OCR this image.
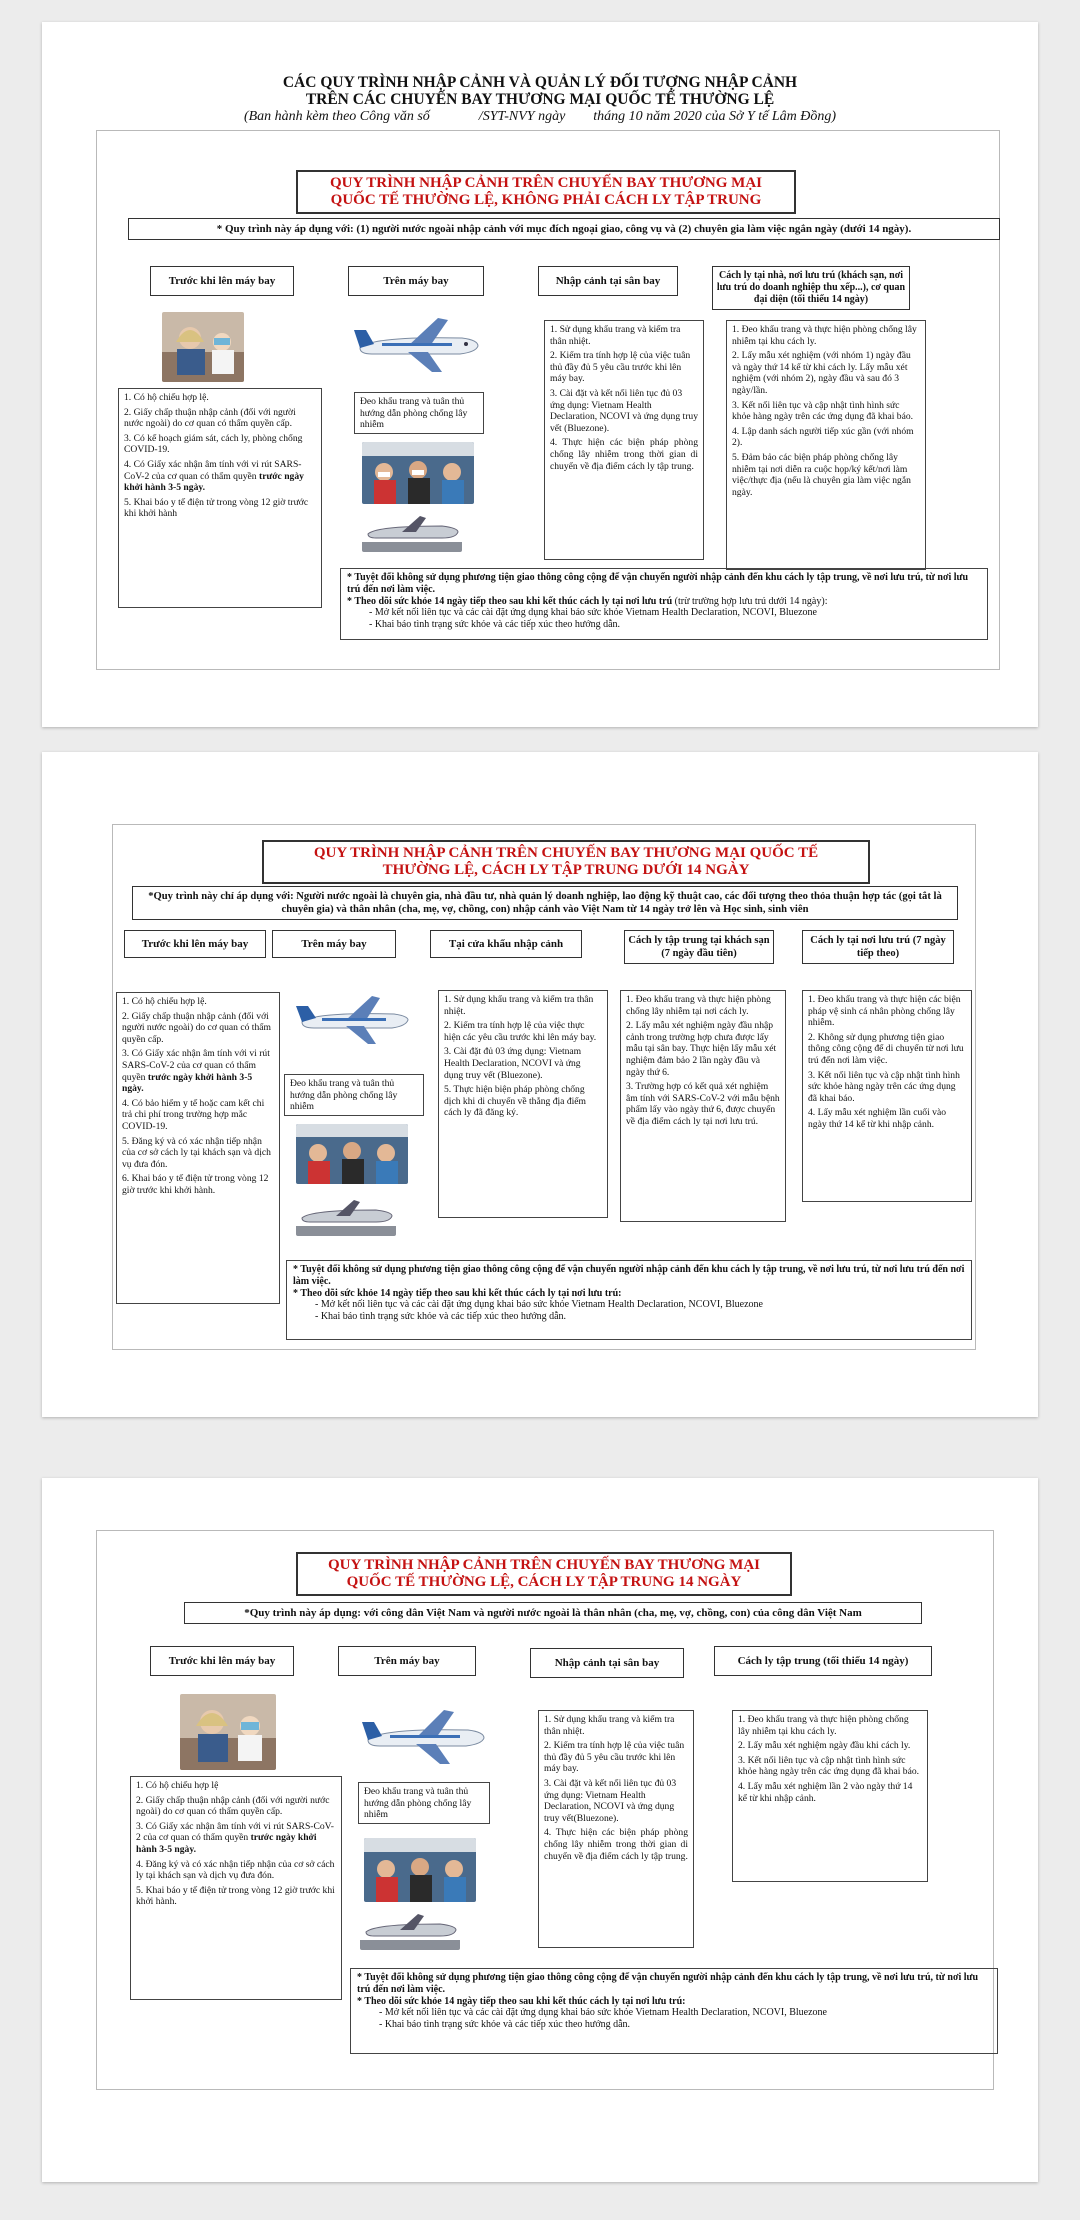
CÁC QUY TRÌNH NHẬP CẢNH VÀ QUẢN LÝ ĐỐI TƯỢNG NHẬP CẢNH
TRÊN CÁC CHUYẾN BAY THƯƠNG MẠI QUỐC TẾ THƯỜNG LỆ
(Ban hành kèm theo Công văn số              /SYT-NVY ngày        tháng 10 năm 2020 của Sở Y tế Lâm Đồng)
QUY TRÌNH NHẬP CẢNH TRÊN CHUYẾN BAY THƯƠNG MẠI
QUỐC TẾ THƯỜNG LỆ, KHÔNG PHẢI CÁCH LY TẬP TRUNG
* Quy trình này áp dụng với: (1) người nước ngoài nhập cảnh với mục đích ngoại giao, công vụ và (2) chuyên gia làm việc ngắn ngày (dưới 14 ngày).
Trước khi lên máy bay	Trên máy bay	Nhập cảnh tại sân bay	Cách ly tại nhà, nơi lưu trú (khách sạn, nơi lưu trú do doanh nghiệp thu xếp...), cơ quan đại diện (tối thiểu 14 ngày)

1. Có hộ chiếu hợp lệ.

2. Giấy chấp thuận nhập cảnh (đối với người nước ngoài) do cơ quan có thẩm quyền cấp.

3. Có kế hoạch giám sát, cách ly, phòng chống COVID-19.

4. Có Giấy xác nhận âm tính với vi rút SARS-CoV-2 của cơ quan có thẩm quyền trước ngày khởi hành 3-5 ngày.

5. Khai báo y tế điện tử trong vòng 12 giờ trước khi khởi hành

Đeo khẩu trang và tuân thủ hướng dẫn phòng chống lây nhiễm

1. Sử dụng khẩu trang và kiểm tra thân nhiệt.

2. Kiểm tra tính hợp lệ của việc tuân thủ đầy đủ 5 yêu cầu trước khi lên máy bay.

3. Cài đặt và kết nối liên tục đủ 03 ứng dụng: Vietnam Health Declaration, NCOVI và ứng dụng truy vết (Bluezone).

4. Thực hiện các biện pháp phòng chống lây nhiễm trong thời gian di chuyển về địa điểm cách ly tập trung.

1. Đeo khẩu trang và thực hiện phòng chống lây nhiễm tại khu cách ly.

2. Lấy mẫu xét nghiệm (với nhóm 1) ngày đầu và ngày thứ 14 kể từ khi cách ly. Lấy mẫu xét nghiệm (với nhóm 2), ngày đầu và sau đó 3 ngày/lần.

3. Kết nối liên tục và cập nhật tình hình sức khỏe hàng ngày trên các ứng dụng đã khai báo.

4. Lập danh sách người tiếp xúc gần (với nhóm 2).

5. Đảm bảo các biện pháp phòng chống lây nhiễm tại nơi diễn ra cuộc họp/ký kết/nơi làm việc/thực địa (nếu là chuyên gia làm việc ngắn ngày.

* Tuyệt đối không sử dụng phương tiện giao thông công cộng để vận chuyển người nhập cảnh đến khu cách ly tập trung, về nơi lưu trú, từ nơi lưu trú đến nơi làm việc.
* Theo dõi sức khỏe 14 ngày tiếp theo sau khi kết thúc cách ly tại nơi lưu trú (trừ trường hợp lưu trú dưới 14 ngày):
- Mở kết nối liên tục và các cài đặt ứng dụng khai báo sức khỏe Vietnam Health Declaration, NCOVI, Bluezone
- Khai báo tình trạng sức khỏe và các tiếp xúc theo hướng dẫn.
QUY TRÌNH NHẬP CẢNH TRÊN CHUYẾN BAY THƯƠNG MẠI QUỐC TẾ
THƯỜNG LỆ, CÁCH LY TẬP TRUNG DƯỚI 14 NGÀY
*Quy trình này chỉ áp dụng với: Người nước ngoài là chuyên gia, nhà đầu tư, nhà quản lý doanh nghiệp, lao động kỹ thuật cao, các đối tượng theo thỏa thuận hợp tác (gọi tắt là chuyên gia) và thân nhân (cha, mẹ, vợ, chồng, con) nhập cảnh vào Việt Nam từ 14 ngày trở lên và Học sinh, sinh viên
Trước khi lên máy bay	Trên máy bay	Tại cửa khẩu nhập cảnh	Cách ly tập trung tại khách sạn (7 ngày đầu tiên)
Cách ly tại nơi lưu trú (7 ngày tiếp theo)

1. Có hộ chiếu hợp lệ.

2. Giấy chấp thuận nhập cảnh (đối với người nước ngoài) do cơ quan có thẩm quyền cấp.

3. Có Giấy xác nhận âm tính với vi rút SARS-CoV-2 của cơ quan có thẩm quyền trước ngày khởi hành 3-5 ngày.

4. Có bảo hiểm y tế hoặc cam kết chi trả chi phí trong trường hợp mắc COVID-19.

5. Đăng ký và có xác nhận tiếp nhận của cơ sở cách ly tại khách sạn và dịch vụ đưa đón.

6. Khai báo y tế điện tử trong vòng 12 giờ trước khi khởi hành.

Đeo khẩu trang và tuân thủ hướng dẫn phòng chống lây nhiễm

1. Sử dụng khẩu trang và kiểm tra thân nhiệt.

2. Kiểm tra tính hợp lệ của việc thực hiện các yêu cầu trước khi lên máy bay.

3. Cài đặt đủ 03 ứng dụng: Vietnam Health Declaration, NCOVI và ứng dụng truy vết (Bluezone).

5. Thực hiện biện pháp phòng chống dịch khi di chuyển về thẳng địa điểm cách ly đã đăng ký.

1. Đeo khẩu trang và thực hiện phòng chống lây nhiễm tại nơi cách ly.

2. Lấy mẫu xét nghiệm ngày đầu nhập cảnh trong trường hợp chưa được lấy mẫu tại sân bay. Thực hiện lấy mẫu xét nghiệm đảm bảo 2 lần ngày đầu và ngày thứ 6.

3. Trường hợp có kết quả xét nghiệm âm tính với SARS-CoV-2 với mẫu bệnh phẩm lấy vào ngày thứ 6, được chuyển về địa điểm cách ly tại nơi lưu trú.

1. Đeo khẩu trang và thực hiện các biện pháp vệ sinh cá nhân phòng chống lây nhiễm.

2. Không sử dụng phương tiện giao thông công cộng để di chuyển từ nơi lưu trú đến nơi làm việc.

3. Kết nối liên tục và cập nhật tình hình sức khỏe hàng ngày trên các ứng dụng đã khai báo.

4. Lấy mẫu xét nghiệm lần cuối vào ngày thứ 14 kể từ khi nhập cảnh.

* Tuyệt đối không sử dụng phương tiện giao thông công cộng để vận chuyển người nhập cảnh đến khu cách ly tập trung, về nơi lưu trú, từ nơi lưu trú đến nơi làm việc.
* Theo dõi sức khỏe 14 ngày tiếp theo sau khi kết thúc cách ly tại nơi lưu trú:
- Mở kết nối liên tục và các cài đặt ứng dụng khai báo sức khỏe Vietnam Health Declaration, NCOVI, Bluezone
- Khai báo tình trạng sức khỏe và các tiếp xúc theo hướng dẫn.
QUY TRÌNH NHẬP CẢNH TRÊN CHUYẾN BAY THƯƠNG MẠI
QUỐC TẾ THƯỜNG LỆ, CÁCH LY TẬP TRUNG 14 NGÀY
*Quy trình này áp dụng: với công dân Việt Nam và người nước ngoài là thân nhân (cha, mẹ, vợ, chồng, con) của công dân Việt Nam
Trước khi lên máy bay	Trên máy bay	Nhập cảnh tại sân bay	Cách ly tập trung (tối thiểu 14 ngày)

1. Có hộ chiếu hợp lệ

2. Giấy chấp thuận nhập cảnh (đối với người nước ngoài) do cơ quan có thẩm quyền cấp.

3. Có Giấy xác nhận âm tính với vi rút SARS-CoV-2 của cơ quan có thẩm quyền trước ngày khởi hành 3-5 ngày.

4. Đăng ký và có xác nhận tiếp nhận của cơ sở cách ly tại khách sạn và dịch vụ đưa đón.

5. Khai báo y tế điện tử trong vòng 12 giờ trước khi khởi hành.

Đeo khẩu trang và tuân thủ hướng dẫn phòng chống lây nhiễm

1. Sử dụng khẩu trang và kiểm tra thân nhiệt.

2. Kiểm tra tính hợp lệ của việc tuân thủ đầy đủ 5 yêu cầu trước khi lên máy bay.

3. Cài đặt và kết nối liên tục đủ 03 ứng dụng: Vietnam Health Declaration, NCOVI và ứng dụng truy vết(Bluezone).

4. Thực hiện các biện pháp phòng chống lây nhiễm trong thời gian di chuyển về địa điểm cách ly tập trung.

1. Đeo khẩu trang và thực hiện phòng chống lây nhiễm tại khu cách ly.

2. Lấy mẫu xét nghiệm ngày đầu khi cách ly.

3. Kết nối liên tục và cập nhật tình hình sức khỏe hàng ngày trên các ứng dụng đã khai báo.

4. Lấy mẫu xét nghiệm lần 2 vào ngày thứ 14 kể từ khi nhập cảnh.

* Tuyệt đối không sử dụng phương tiện giao thông công cộng để vận chuyển người nhập cảnh đến khu cách ly tập trung, về nơi lưu trú, từ nơi lưu trú đến nơi làm việc.
* Theo dõi sức khỏe 14 ngày tiếp theo sau khi kết thúc cách ly tại nơi lưu trú:
- Mở kết nối liên tục và các cài đặt ứng dụng khai báo sức khỏe Vietnam Health Declaration, NCOVI, Bluezone
- Khai báo tình trạng sức khỏe và các tiếp xúc theo hướng dẫn.
